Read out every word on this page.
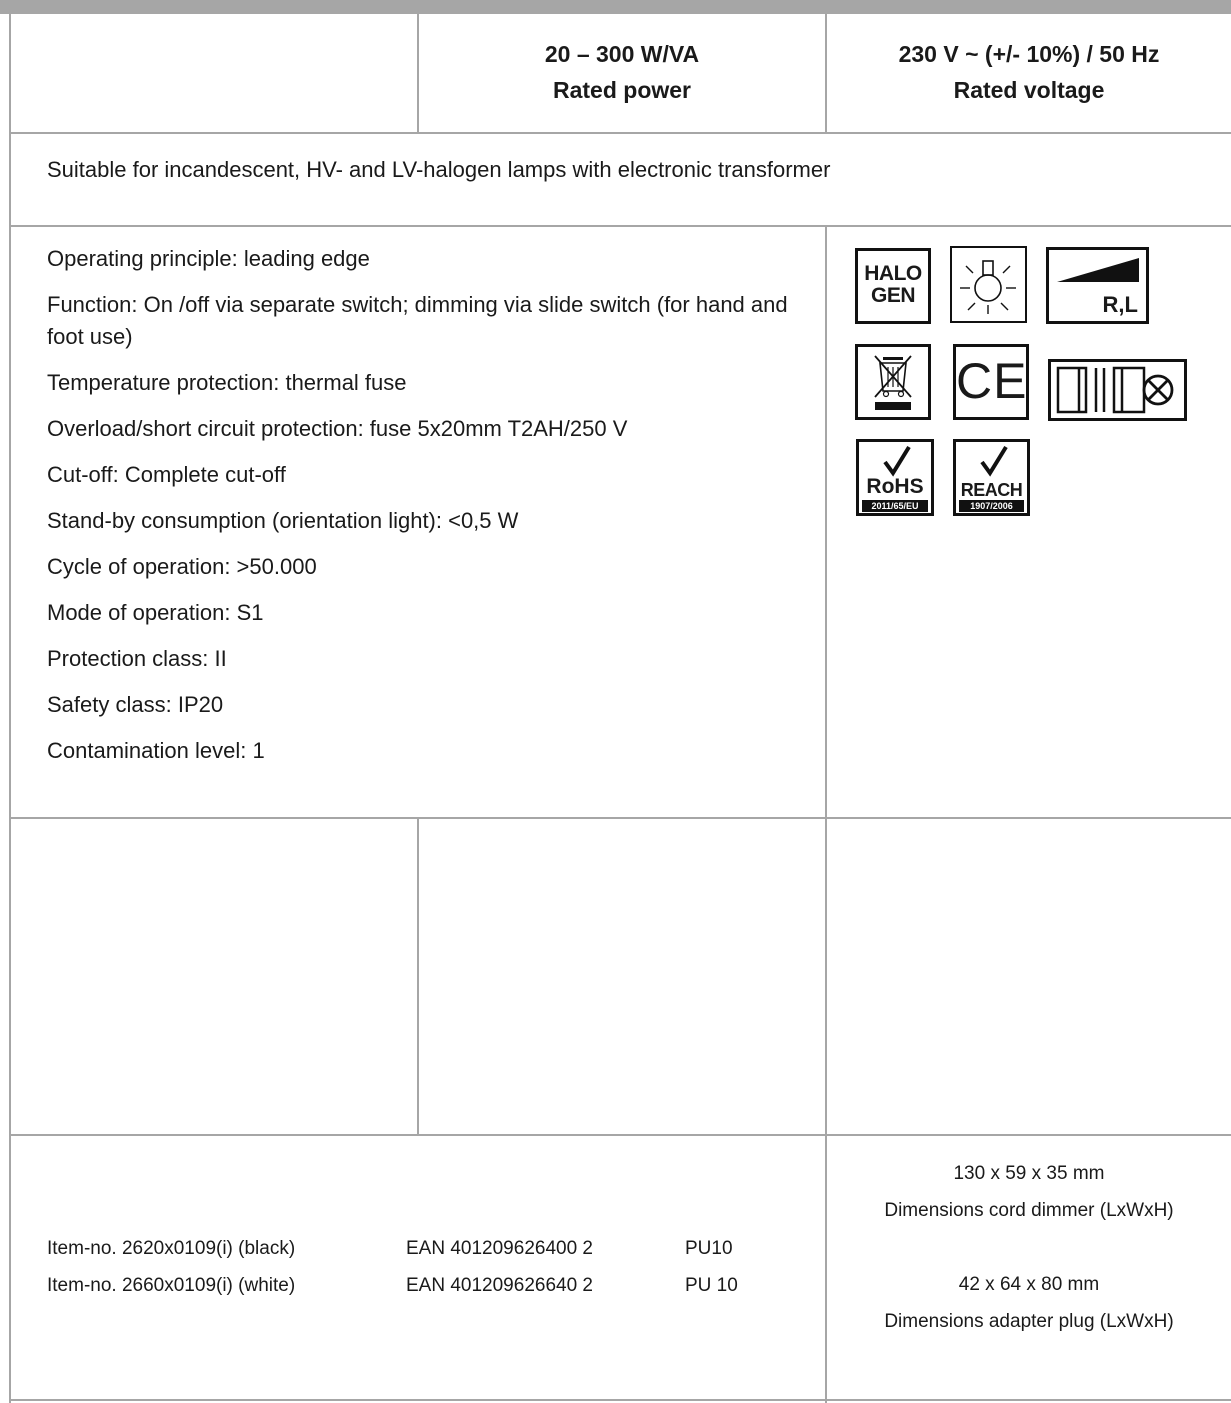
20 – 300 W/VA
Rated power
230 V ~ (+/- 10%) / 50 Hz
Rated voltage
Suitable for incandescent, HV- and LV-halogen lamps with electronic transformer
Operating principle: leading edge
Function: On /off via separate switch; dimming via slide switch (for hand and foot use)
Temperature protection: thermal fuse
Overload/short circuit protection: fuse 5x20mm T2AH/250 V
Cut-off: Complete cut-off
Stand-by consumption (orientation light): <0,5 W
Cycle of operation: >50.000
Mode of operation: S1
Protection class: II
Safety class: IP20
Contamination level: 1
HALO
GEN	R,L
CE
RoHS
2011/65/EU
REACH
1907/2006
Item-no. 2620x0109(i) (black)
Item-no. 2660x0109(i) (white)
EAN 401209626400 2
EAN 401209626640 2
PU10
PU 10
130 x 59 x 35 mm
Dimensions cord dimmer (LxWxH)
42 x 64 x 80 mm
Dimensions adapter plug (LxWxH)
